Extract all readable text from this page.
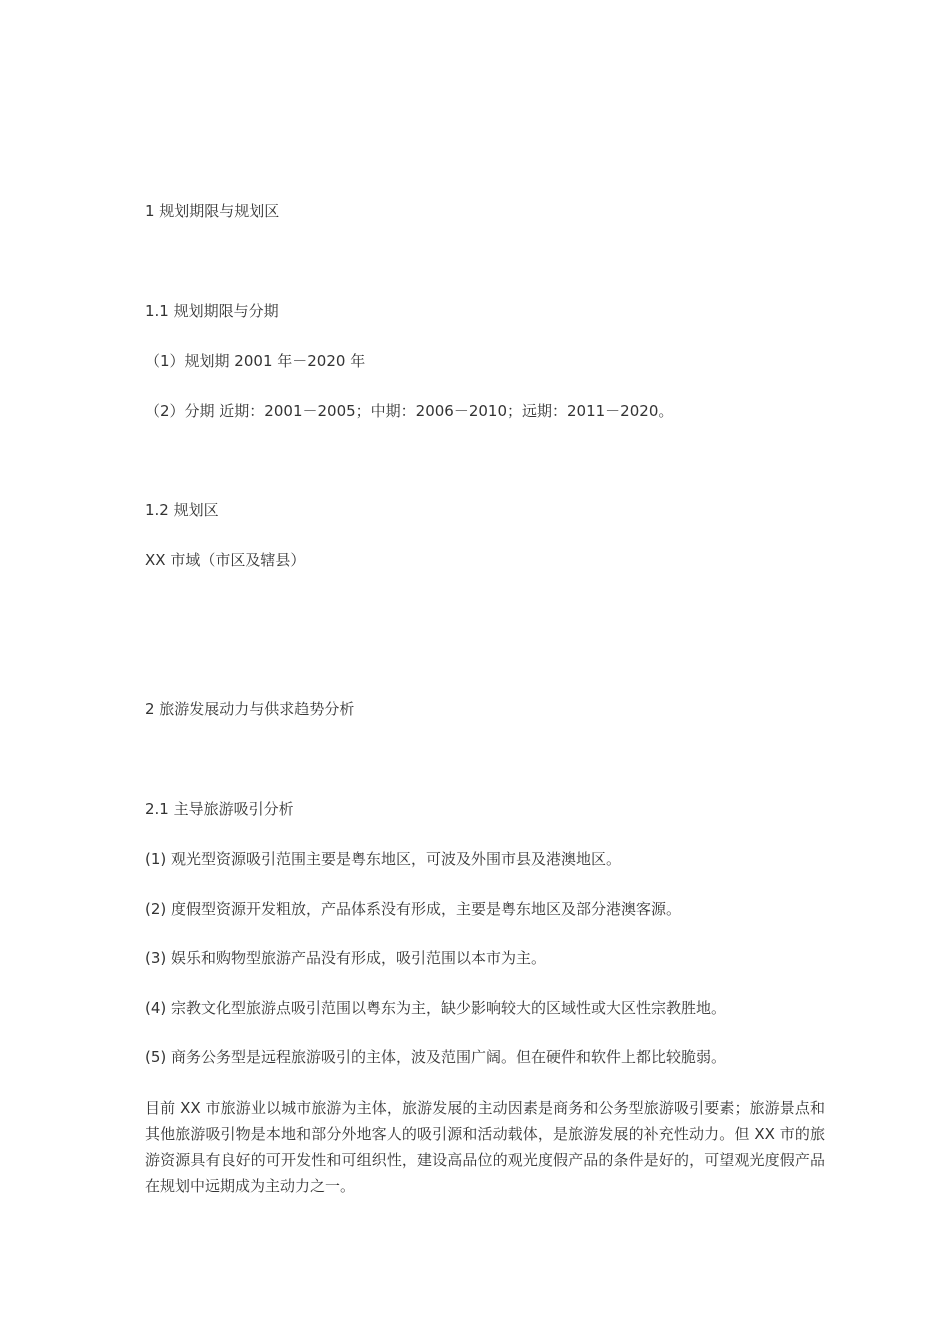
1 规划期限与规划区
1.1 规划期限与分期
（1）规划期 2001 年－2020 年
（2）分期 近期：2001－2005；中期：2006－2010；远期：2011－2020。
1.2 规划区
XX 市域（市区及辖县）
2 旅游发展动力与供求趋势分析
2.1 主导旅游吸引分析
(1) 观光型资源吸引范围主要是粤东地区，可波及外围市县及港澳地区。
(2) 度假型资源开发粗放，产品体系没有形成，主要是粤东地区及部分港澳客源。
(3) 娱乐和购物型旅游产品没有形成，吸引范围以本市为主。
(4) 宗教文化型旅游点吸引范围以粤东为主，缺少影响较大的区域性或大区性宗教胜地。
(5) 商务公务型是远程旅游吸引的主体，波及范围广阔。但在硬件和软件上都比较脆弱。
目前 XX 市旅游业以城市旅游为主体，旅游发展的主动因素是商务和公务型旅游吸引要素；旅游景点和其他旅游吸引物是本地和部分外地客人的吸引源和活动载体，是旅游发展的补充性动力。但 XX 市的旅游资源具有良好的可开发性和可组织性，建设高品位的观光度假产品的条件是好的，可望观光度假产品在规划中远期成为主动力之一。
